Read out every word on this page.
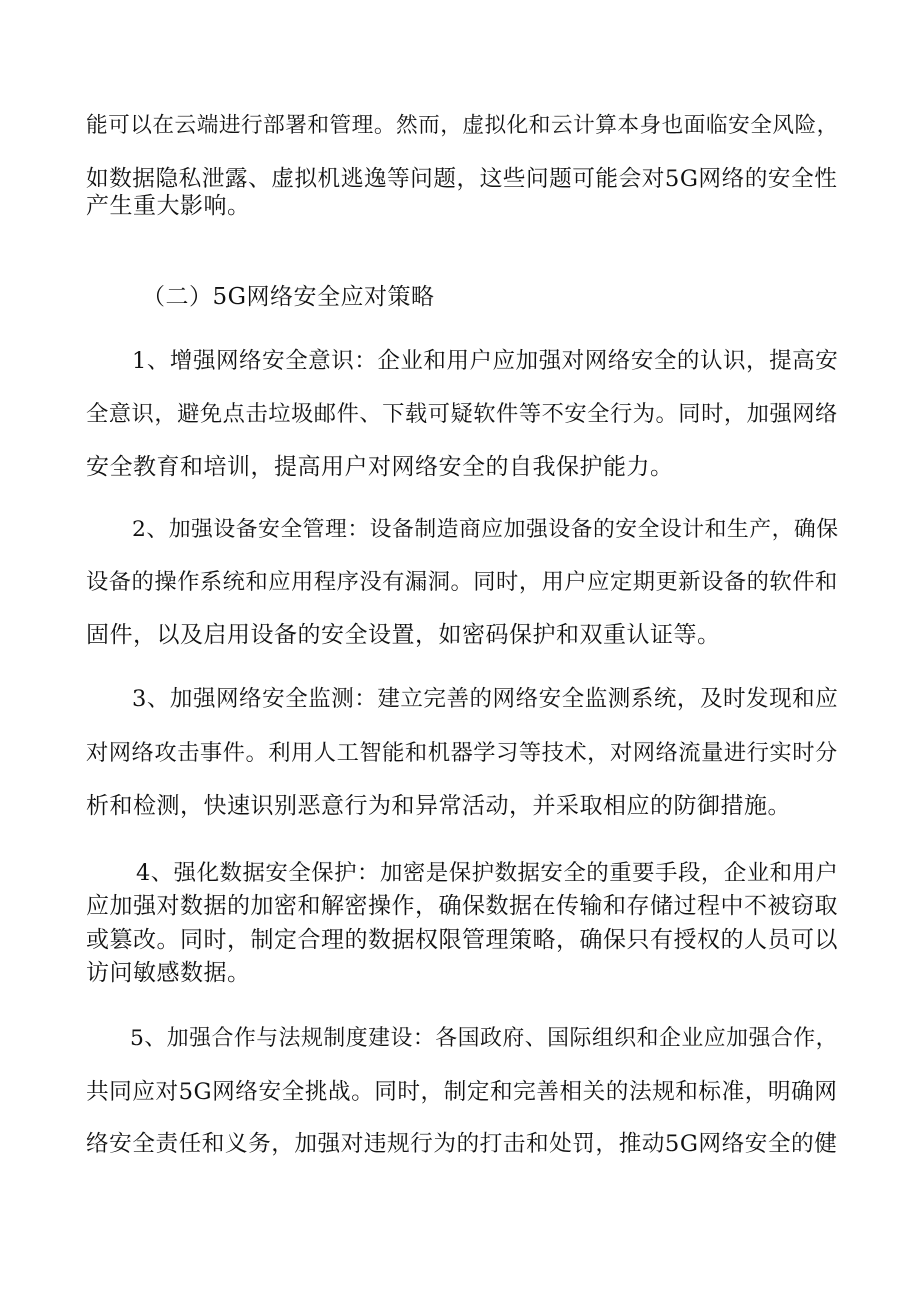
能可以在云端进行部署和管理。然而，虚拟化和云计算本身也面临安全风险，

如数据隐私泄露、虚拟机逃逸等问题，这些问题可能会对5G网络的安全性

产生重大影响。

（二）5G网络安全应对策略

1、增强网络安全意识：企业和用户应加强对网络安全的认识，提高安

全意识，避免点击垃圾邮件、下载可疑软件等不安全行为。同时，加强网络

安全教育和培训，提高用户对网络安全的自我保护能力。

2、加强设备安全管理：设备制造商应加强设备的安全设计和生产，确保

设备的操作系统和应用程序没有漏洞。同时，用户应定期更新设备的软件和

固件，以及启用设备的安全设置，如密码保护和双重认证等。

3、加强网络安全监测：建立完善的网络安全监测系统，及时发现和应

对网络攻击事件。利用人工智能和机器学习等技术，对网络流量进行实时分

析和检测，快速识别恶意行为和异常活动，并采取相应的防御措施。

4、强化数据安全保护：加密是保护数据安全的重要手段，企业和用户

应加强对数据的加密和解密操作，确保数据在传输和存储过程中不被窃取

或篡改。同时，制定合理的数据权限管理策略，确保只有授权的人员可以

访问敏感数据。

5、加强合作与法规制度建设：各国政府、国际组织和企业应加强合作，

共同应对5G网络安全挑战。同时，制定和完善相关的法规和标准，明确网

络安全责任和义务，加强对违规行为的打击和处罚，推动5G网络安全的健
